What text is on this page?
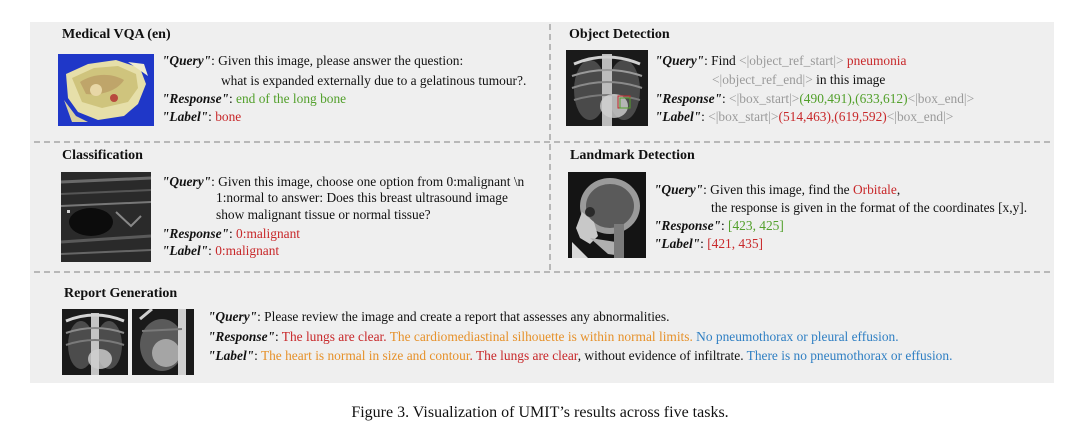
Medical VQA (en)
"Query": Given this image, please answer the question:
what is expanded externally due to a gelatinous tumour?.
"Response": end of the long bone
"Label": bone
Object Detection
"Query": Find <|object_ref_start|> pneumonia
<|object_ref_end|> in this image
"Response": <|box_start|>(490,491),(633,612)<|box_end|>
"Label": <|box_start|>(514,463),(619,592)<|box_end|>
Classification
"Query": Given this image, choose one option from 0:malignant \n
1:normal to answer: Does this breast ultrasound image
show malignant tissue or normal tissue?
"Response": 0:malignant
"Label": 0:malignant
Landmark Detection
"Query": Given this image, find the Orbitale,
the response is given in the format of the coordinates [x,y].
"Response": [423, 425]
"Label": [421, 435]
Report Generation
"Query": Please review the image and create a report that assesses any abnormalities.
"Response": The lungs are clear. The cardiomediastinal silhouette is within normal limits. No pneumothorax or pleural effusion.
"Label": The heart is normal in size and contour. The lungs are clear, without evidence of infiltrate. There is no pneumothorax or effusion.
Figure 3. Visualization of UMIT’s results across five tasks.
